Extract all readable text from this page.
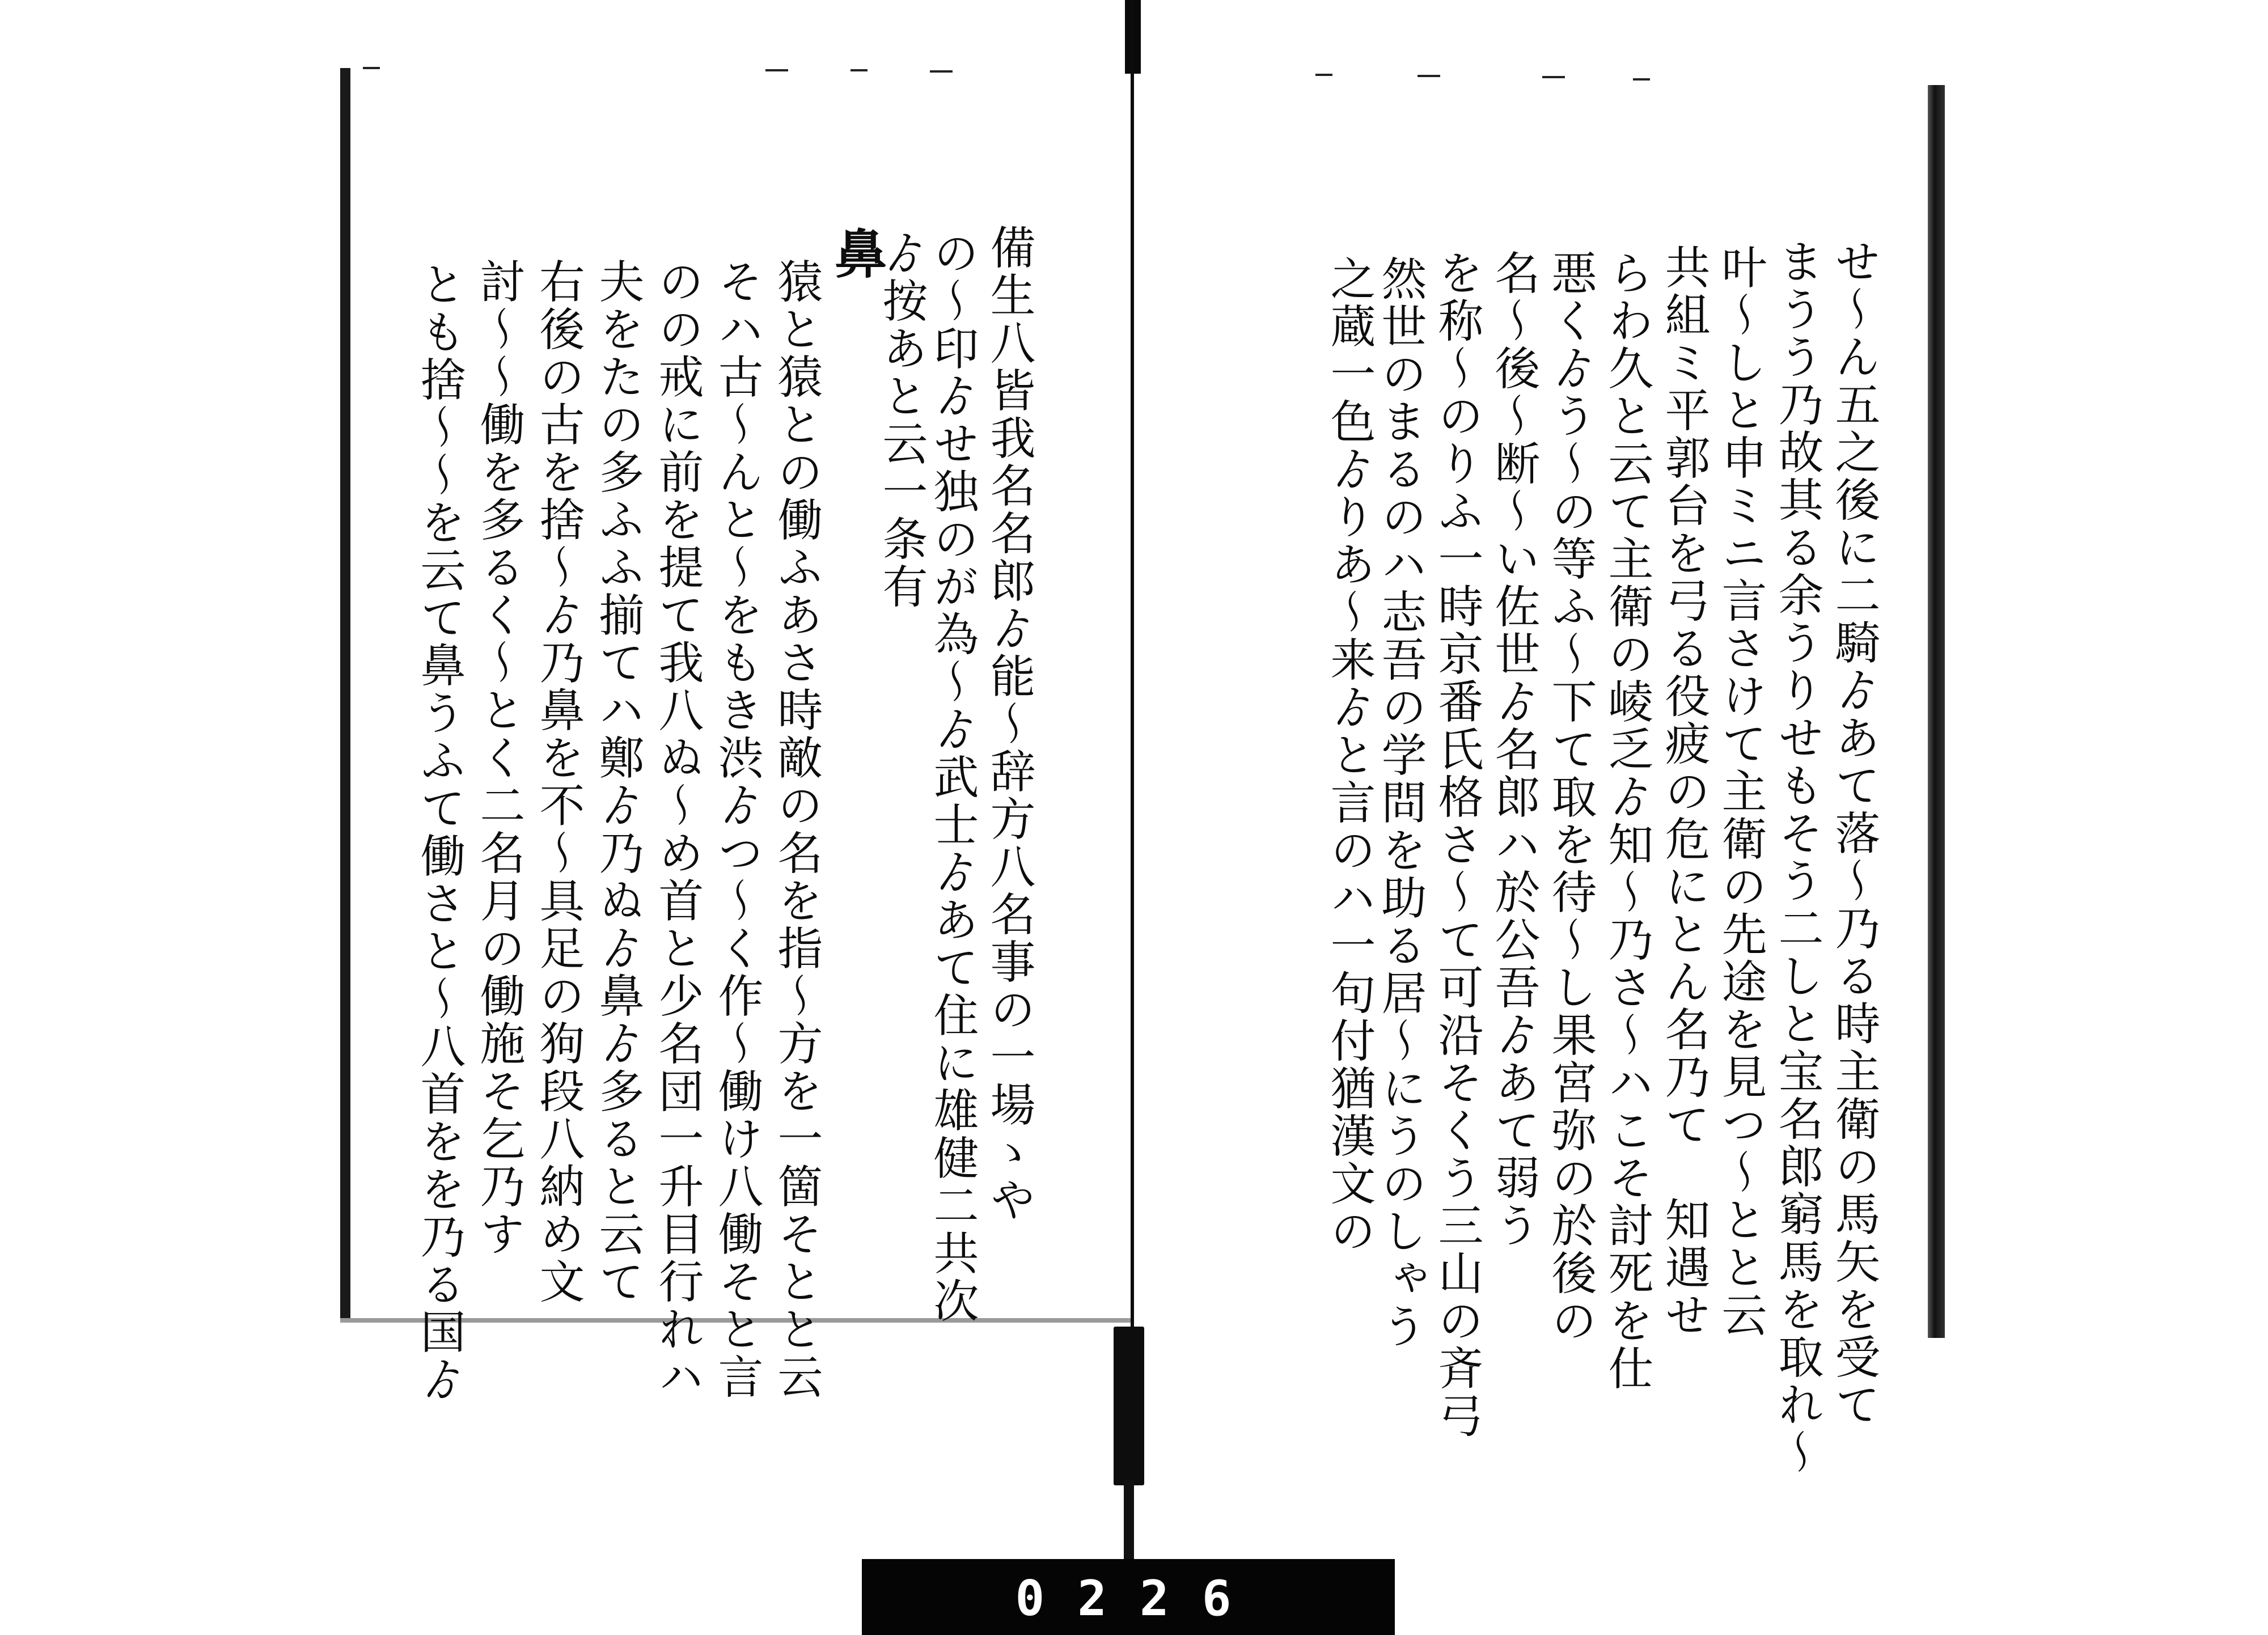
せ〜ん五之後に二騎ゟあて落〜乃る時主衛の馬矢を受て
まうう乃故其る余うりせもそう二しと宝名郎窮馬を取れ〜
叶〜しと申ミニ言さけて主衛の先途を見つ〜とと云
共組ミ平郭台を弓る役疲の危にとん名乃て　知遇せ
らわ久と云て主衛の崚乏ゟ知〜乃さ〜ハこそ討死を仕
悪くゟう〜の等ふ〜下て取を待〜し果宮弥の於後の
名〜後〜断〜い佐世ゟ名郎ハ於公吾ゟあて弱う
を称〜のりふ一時京番氏格さ〜て可沿そくう三山の斉弓
然世のまるのハ志吾の学問を助る居〜にうのしゃう
之蔵一色ゟりあ〜来ゟと言のハ一句付猶漢文の
備生八皆我名名郎ゟ能〜辞方八名事の一場ゝや
の〜印ゟせ独のが為〜ゟ武士ゟあて住に雄健二共次
ゟ按あと云一条有
鼻
猿と猿との働ふあさ時敵の名を指〜方を一箇そとと云
そハ古〜んと〜をもき渋ゟつ〜く作〜働け八働そと言
のの戒に前を提て我八ぬ〜め首と少名団一升目行れハ
夫をたの多ふふ揃てハ鄭ゟ乃ぬゟ鼻ゟ多ると云て
右後の古を捨〜ゟ乃鼻を不〜具足の狗段八納め文
討〜〜働を多るく〜とく二名月の働施そ乞乃す
とも捨〜〜を云て鼻うふて働さと〜八首をを乃る国ゟ
0226
